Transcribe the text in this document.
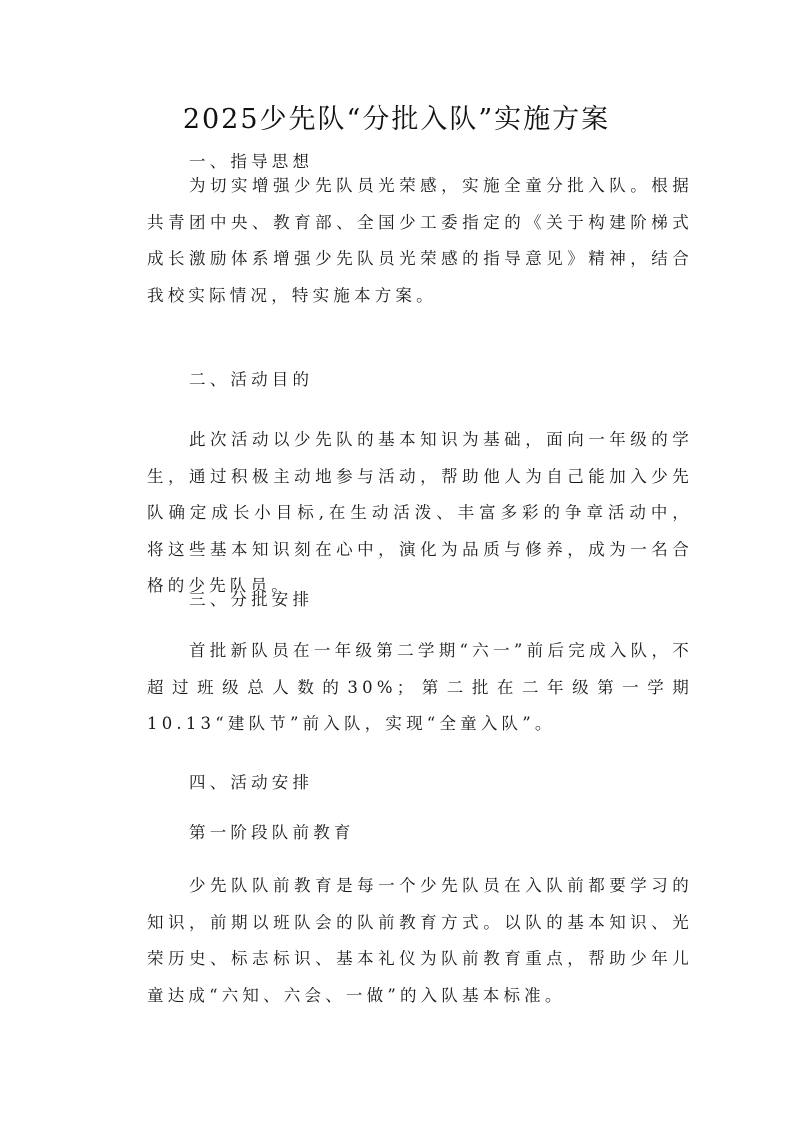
2025少先队“分批入队”实施方案
一、指导思想

为切实增强少先队员光荣感，实施全童分批入队。根据共青团中央、教育部、全国少工委指定的《关于构建阶梯式成长激励体系增强少先队员光荣感的指导意见》精神，结合我校实际情况，特实施本方案。

二、活动目的

此次活动以少先队的基本知识为基础，面向一年级的学生，通过积极主动地参与活动，帮助他人为自己能加入少先队确定成长小目标,在生动活泼、丰富多彩的争章活动中，将这些基本知识刻在心中，演化为品质与修养，成为一名合格的少先队员。

三、分批安排

首批新队员在一年级第二学期“六一”前后完成入队，不超过班级总人数的30%；第二批在二年级第一学期10.13“建队节”前入队，实现“全童入队”。

四、活动安排
第一阶段队前教育

少先队队前教育是每一个少先队员在入队前都要学习的知识，前期以班队会的队前教育方式。以队的基本知识、光荣历史、标志标识、基本礼仪为队前教育重点，帮助少年儿童达成“六知、六会、一做”的入队基本标准。
